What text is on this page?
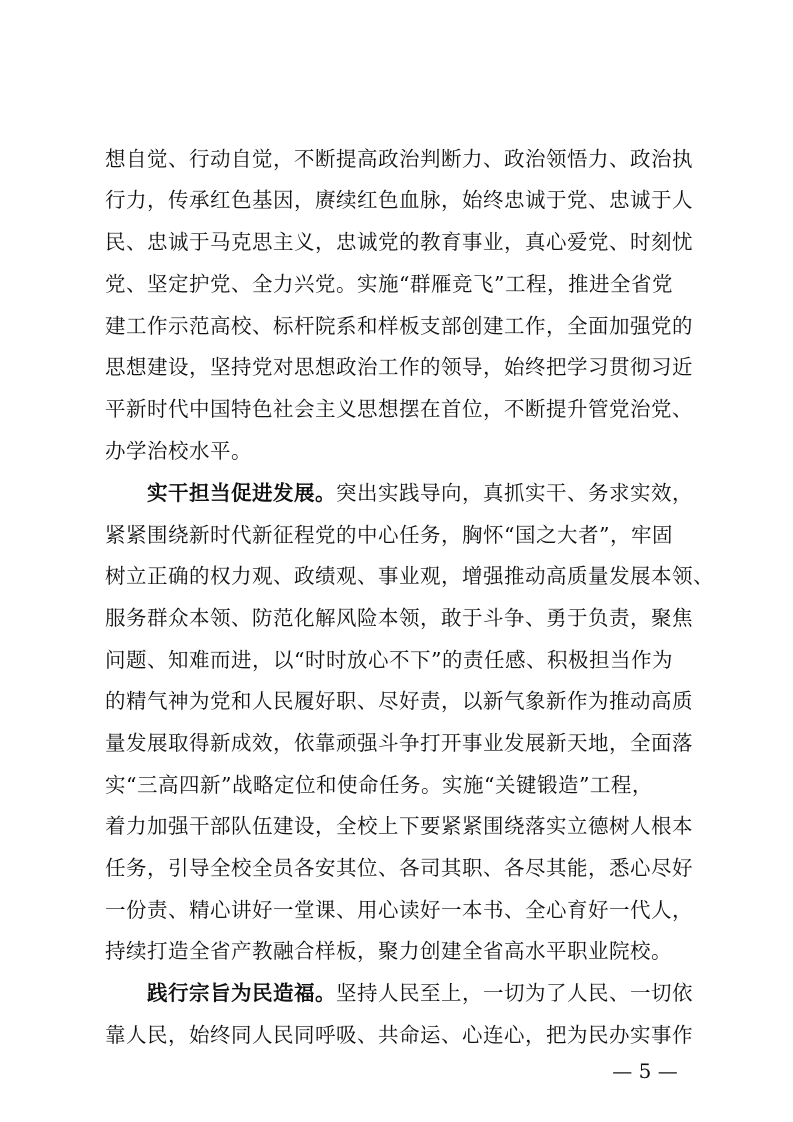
想自觉、行动自觉，不断提高政治判断力、政治领悟力、政治执
行力，传承红色基因，赓续红色血脉，始终忠诚于党、忠诚于人
民、忠诚于马克思主义，忠诚党的教育事业，真心爱党、时刻忧
党、坚定护党、全力兴党。实施“群雁竞飞”工程，推进全省党
建工作示范高校、标杆院系和样板支部创建工作，全面加强党的
思想建设，坚持党对思想政治工作的领导，始终把学习贯彻习近
平新时代中国特色社会主义思想摆在首位，不断提升管党治党、
办学治校水平。
实干担当促进发展。突出实践导向，真抓实干、务求实效，
紧紧围绕新时代新征程党的中心任务，胸怀“国之大者”，牢固
树立正确的权力观、政绩观、事业观，增强推动高质量发展本领、
服务群众本领、防范化解风险本领，敢于斗争、勇于负责，聚焦
问题、知难而进，以“时时放心不下”的责任感、积极担当作为
的精气神为党和人民履好职、尽好责，以新气象新作为推动高质
量发展取得新成效，依靠顽强斗争打开事业发展新天地，全面落
实“三高四新”战略定位和使命任务。实施“关键锻造”工程，
着力加强干部队伍建设，全校上下要紧紧围绕落实立德树人根本
任务，引导全校全员各安其位、各司其职、各尽其能，悉心尽好
一份责、精心讲好一堂课、用心读好一本书、全心育好一代人，
持续打造全省产教融合样板，聚力创建全省高水平职业院校。
践行宗旨为民造福。坚持人民至上，一切为了人民、一切依
靠人民，始终同人民同呼吸、共命运、心连心，把为民办实事作
— 5 —
